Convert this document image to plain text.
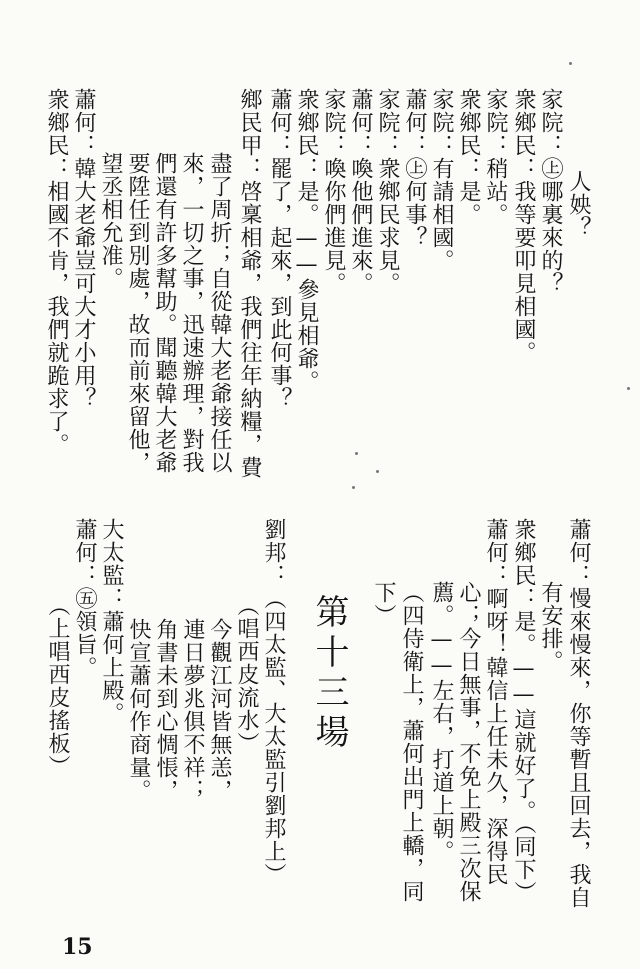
人姎？
家院：㊤哪裏來的？
衆鄉民：我等要叩見相國。
家院：稍站。
衆鄉民：是。
家院：有請相國。
蕭何：㊤何事？
家院：衆鄉民求見。
蕭何：喚他們進來。
家院：喚你們進見。
衆鄉民：是。——參見相爺。
蕭何：罷了，起來，到此何事？
鄉民甲：啓稟相爺，我們往年納糧，費
盡了周折；自從韓大老爺接任以
來，一切之事，迅速辦理，對我
們還有許多幫助。聞聽韓大老爺
要陞任到別處，故而前來留他，
望丞相允准。
蕭何：韓大老爺豈可大才小用？
衆鄉民：相國不肯，我們就跪求了。
蕭何：慢來慢來，你等暫且回去，我自
有安排。
衆鄉民：是。——這就好了。（同下）
蕭何：啊呀！韓信上任未久，深得民
心；今日無事，不免上殿三次保
薦。——左右，打道上朝。
（四侍衛上，蕭何出門上轎，同
下）
第十三場
劉邦：（四太監、大太監引劉邦上）
（唱西皮流水）
今觀江河皆無恙，
連日夢兆俱不祥；
角書未到心惆悵，
快宣蕭何作商量。
大太監：蕭何上殿。
蕭何：㊄領旨。
（上唱西皮搖板）
15
